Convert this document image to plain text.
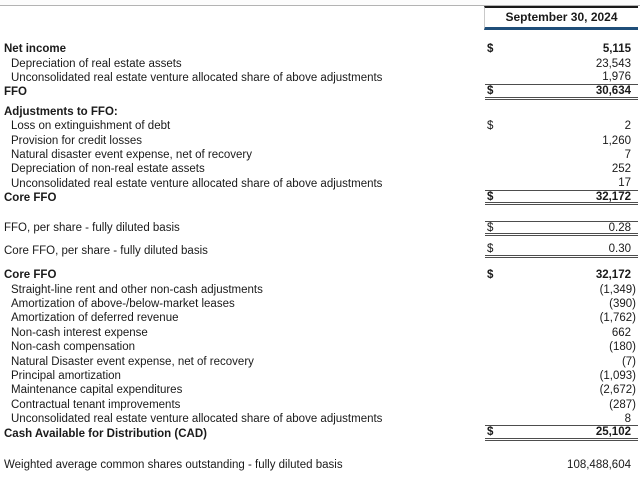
September 30, 2024
Net income	$	5,115
Depreciation of real estate assets	23,543
Unconsolidated real estate venture allocated share of above adjustments	1,976
FFO	$	30,634
Adjustments to FFO:
Loss on extinguishment of debt	$	2
Provision for credit losses	1,260
Natural disaster event expense, net of recovery	7
Depreciation of non-real estate assets	252
Unconsolidated real estate venture allocated share of above adjustments	17
Core FFO	$	32,172
FFO, per share - fully diluted basis	$	0.28
Core FFO, per share - fully diluted basis	$	0.30
Core FFO	$	32,172
Straight-line rent and other non-cash adjustments	(1,349)
Amortization of above-/below-market leases	(390)
Amortization of deferred revenue	(1,762)
Non-cash interest expense	662
Non-cash compensation	(180)
Natural Disaster event expense, net of recovery	(7)
Principal amortization	(1,093)
Maintenance capital expenditures	(2,672)
Contractual tenant improvements	(287)
Unconsolidated real estate venture allocated share of above adjustments	8
Cash Available for Distribution (CAD)	$	25,102
Weighted average common shares outstanding - fully diluted basis	108,488,604
